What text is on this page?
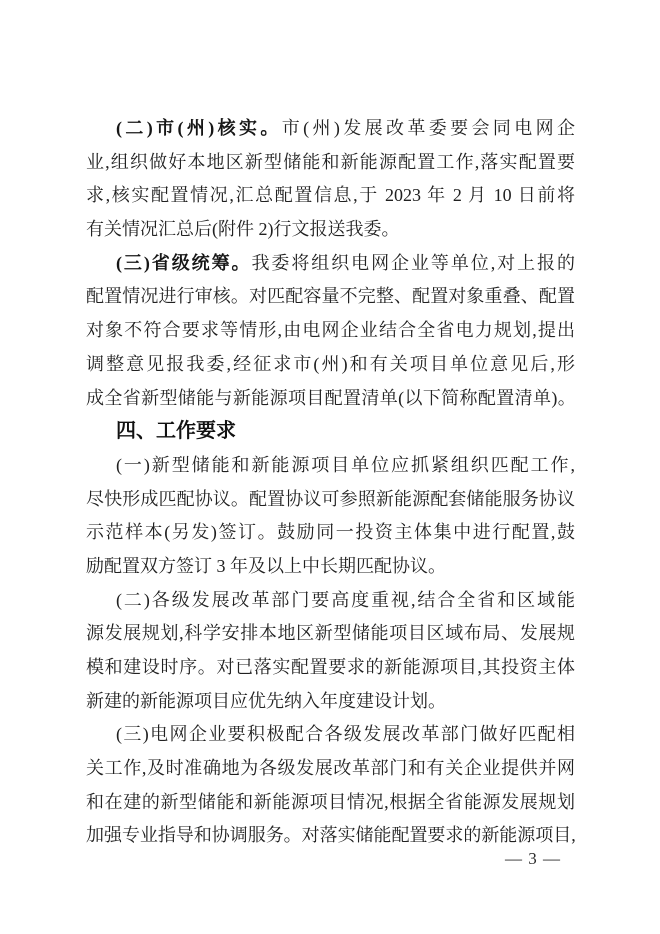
(二)市(州)核实。市(州)发展改革委要会同电网企
业,组织做好本地区新型储能和新能源配置工作,落实配置要
求,核实配置情况,汇总配置信息,于 2023 年 2 月 10 日前将
有关情况汇总后(附件 2)行文报送我委。
(三)省级统筹。我委将组织电网企业等单位,对上报的
配置情况进行审核。对匹配容量不完整、配置对象重叠、配置
对象不符合要求等情形,由电网企业结合全省电力规划,提出
调整意见报我委,经征求市(州)和有关项目单位意见后,形
成全省新型储能与新能源项目配置清单(以下简称配置清单)。
四、工作要求
(一)新型储能和新能源项目单位应抓紧组织匹配工作,
尽快形成匹配协议。配置协议可参照新能源配套储能服务协议
示范样本(另发)签订。鼓励同一投资主体集中进行配置,鼓
励配置双方签订 3 年及以上中长期匹配协议。
(二)各级发展改革部门要高度重视,结合全省和区域能
源发展规划,科学安排本地区新型储能项目区域布局、发展规
模和建设时序。对已落实配置要求的新能源项目,其投资主体
新建的新能源项目应优先纳入年度建设计划。
(三)电网企业要积极配合各级发展改革部门做好匹配相
关工作,及时准确地为各级发展改革部门和有关企业提供并网
和在建的新型储能和新能源项目情况,根据全省能源发展规划
加强专业指导和协调服务。对落实储能配置要求的新能源项目,
— 3 —
